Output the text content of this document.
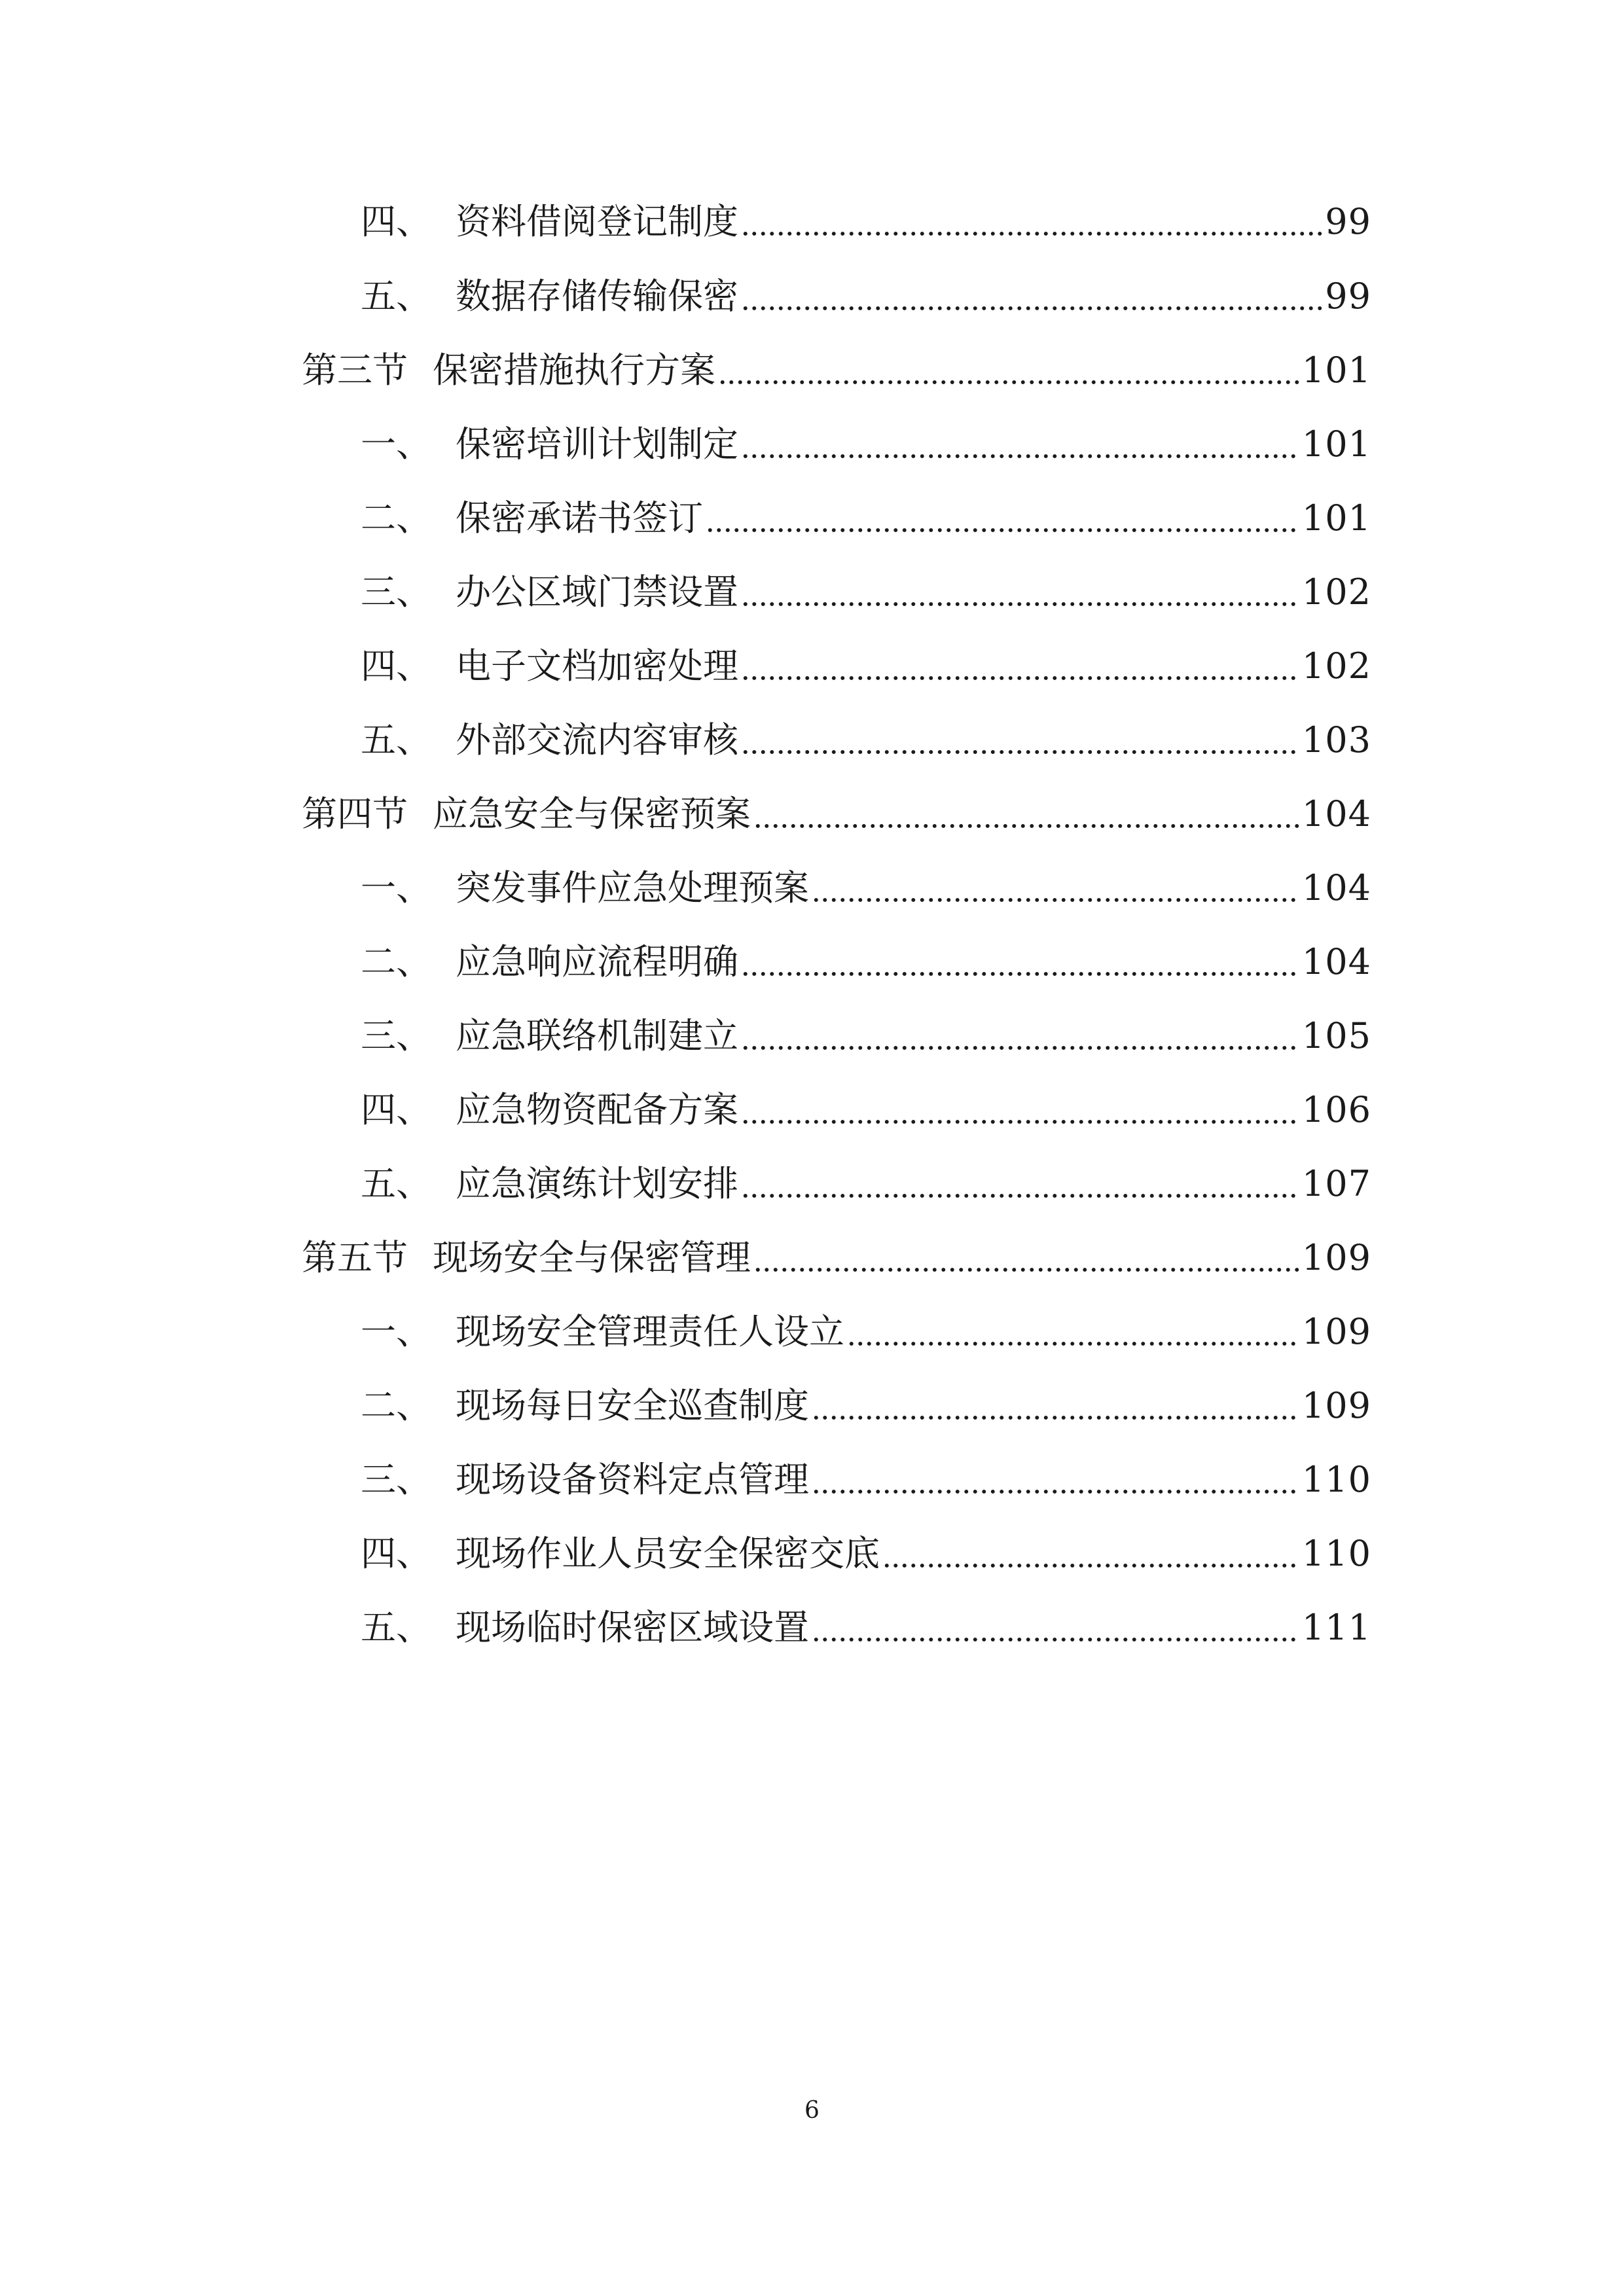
四、 资料借阅登记制度	99
五、 数据存储传输保密	99
第三节 保密措施执行方案	101
一、 保密培训计划制定	101
二、 保密承诺书签订	101
三、 办公区域门禁设置	102
四、 电子文档加密处理	102
五、 外部交流内容审核	103
第四节 应急安全与保密预案	104
一、 突发事件应急处理预案	104
二、 应急响应流程明确	104
三、 应急联络机制建立	105
四、 应急物资配备方案	106
五、 应急演练计划安排	107
第五节 现场安全与保密管理	109
一、 现场安全管理责任人设立	109
二、 现场每日安全巡查制度	109
三、 现场设备资料定点管理	110
四、 现场作业人员安全保密交底	110
五、 现场临时保密区域设置	111
6
